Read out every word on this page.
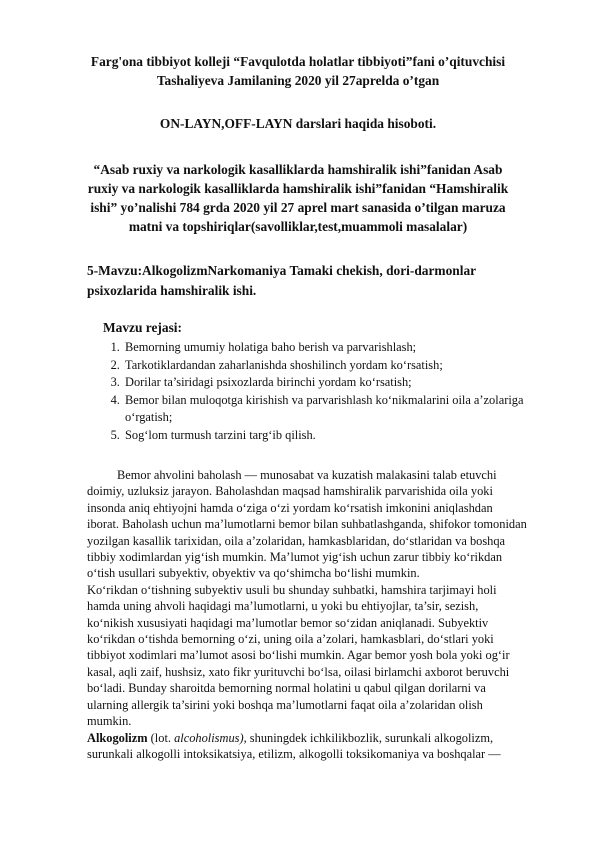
Farg'ona tibbiyot kolleji “Favqulotda holatlar tibbiyoti”fani o’qituvchisi Tashaliyeva Jamilaning 2020 yil 27aprelda o’tgan
ON-LAYN,OFF-LAYN darslari haqida hisoboti.
“Asab ruxiy va narkologik kasalliklarda hamshiralik ishi”fanidan Asab ruxiy va narkologik kasalliklarda hamshiralik ishi”fanidan “Hamshiralik ishi” yo’nalishi 784 grda 2020 yil 27 aprel mart sanasida o’tilgan maruza matni va topshiriqlar(savolliklar,test,muammoli masalalar)
5-Mavzu:AlkogolizmNarkomaniya Tamaki chekish, dori-darmonlar psixozlarida hamshiralik ishi.
Mavzu rejasi:
1. Bemorning umumiy holatiga baho berish va parvarishlash;
2. Tarkotiklardandan zaharlanishda shoshilinch yordam ko‘rsatish;
3. Dorilar ta’siridagi psixozlarda birinchi yordam ko‘rsatish;
4. Bemor bilan muloqotga kirishish va parvarishlash ko‘nikmalarini oila a’zolariga o‘rgatish;
5. Sog‘lom turmush tarzini targ‘ib qilish.

Bemor ahvolini baholash — munosabat va kuzatish malakasini talab etuvchi doimiy, uzluksiz jarayon. Baholashdan maqsad hamshiralik parvarishida oila yoki insonda aniq ehtiyojni hamda o‘ziga o‘zi yordam ko‘rsatish imkonini aniqlashdan iborat. Baholash uchun ma’lumotlarni bemor bilan suhbatlashganda, shifokor tomonidan yozilgan kasallik tarixidan, oila a’zolaridan, hamkasblaridan, do‘stlaridan va boshqa tibbiy xodimlardan yig‘ish mumkin. Ma’lumot yig‘ish uchun zarur tibbiy ko‘rikdan o‘tish usullari subyektiv, obyektiv va qo‘shimcha bo‘lishi mumkin.

Ko‘rikdan o‘tishning subyektiv usuli bu shunday suhbatki, hamshira tarjimayi holi hamda uning ahvoli haqidagi ma’lumotlarni, u yoki bu ehtiyojlar, ta’sir, sezish, ko‘nikish xususiyati haqidagi ma’lumotlar bemor so‘zidan aniqlanadi. Subyektiv ko‘rikdan o‘tishda bemorning o‘zi, uning oila a’zolari, hamkasblari, do‘stlari yoki tibbiyot xodimlari ma’lumot asosi bo‘lishi mumkin. Agar bemor yosh bola yoki og‘ir kasal, aqli zaif, hushsiz, xato fikr yurituvchi bo‘lsa, oilasi birlamchi axborot beruvchi bo‘ladi. Bunday sharoitda bemorning normal holatini u qabul qilgan dorilarni va ularning allergik ta’sirini yoki boshqa ma’lumotlarni faqat oila a’zolaridan olish mumkin.

Alkogolizm (lot. alcoholismus), shuningdek ichkilikbozlik, surunkali alkogolizm, surunkali alkogolli intoksikatsiya, etilizm, alkogolli toksikomaniya va boshqalar —
